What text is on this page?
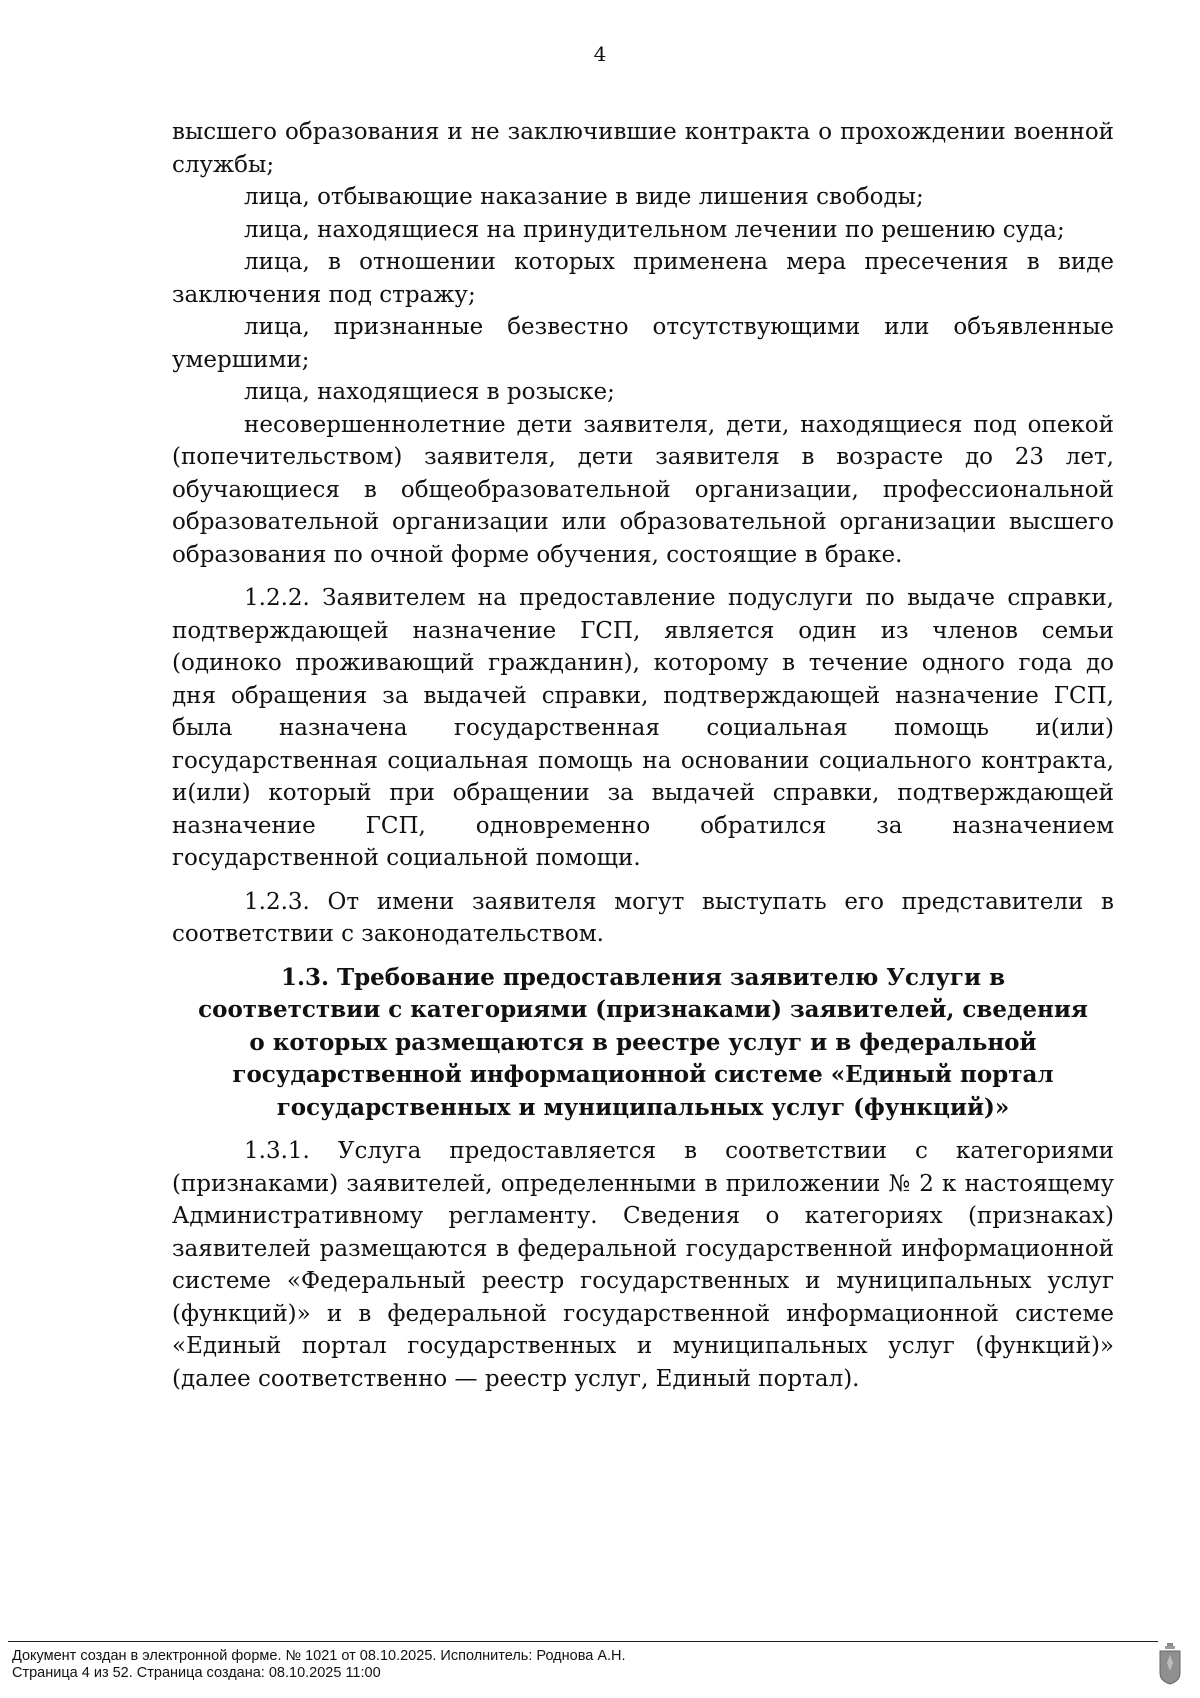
4

высшего образования и не заключившие контракта о прохождении военной службы;

лица, отбывающие наказание в виде лишения свободы;

лица, находящиеся на принудительном лечении по решению суда;

лица, в отношении которых применена мера пресечения в виде заключения под стражу;

лица, признанные безвестно отсутствующими или объявленные умершими;

лица, находящиеся в розыске;

несовершеннолетние дети заявителя, дети, находящиеся под опекой (попечительством) заявителя, дети заявителя в возрасте до 23 лет, обучающиеся в общеобразовательной организации, профессиональной образовательной организации или образовательной организации высшего образования по очной форме обучения, состоящие в браке.

1.2.2. Заявителем на предоставление подуслуги по выдаче справки, подтверждающей назначение ГСП, является один из членов семьи (одиноко проживающий гражданин), которому в течение одного года до дня обращения за выдачей справки, подтверждающей назначение ГСП, была назначена государственная социальная помощь и(или) государственная социальная помощь на основании социального контракта, и(или) который при обращении за выдачей справки, подтверждающей назначение ГСП, одновременно обратился за назначением государственной социальной помощи.

1.2.3. От имени заявителя могут выступать его представители в соответствии с законодательством.

1.3. Требование предоставления заявителю Услуги в соответствии с категориями (признаками) заявителей, сведения о которых размещаются в реестре услуг и в федеральной государственной информационной системе «Единый портал государственных и муниципальных услуг (функций)»

1.3.1. Услуга предоставляется в соответствии с категориями (признаками) заявителей, определенными в приложении № 2 к настоящему Административному регламенту. Сведения о категориях (признаках) заявителей размещаются в федеральной государственной информационной системе «Федеральный реестр государственных и муниципальных услуг (функций)» и в федеральной государственной информационной системе «Единый портал государственных и муниципальных услуг (функций)» (далее соответственно — реестр услуг, Единый портал).

Документ создан в электронной форме. № 1021 от 08.10.2025. Исполнитель: Роднова А.Н.
Страница 4 из 52. Страница создана: 08.10.2025 11:00
